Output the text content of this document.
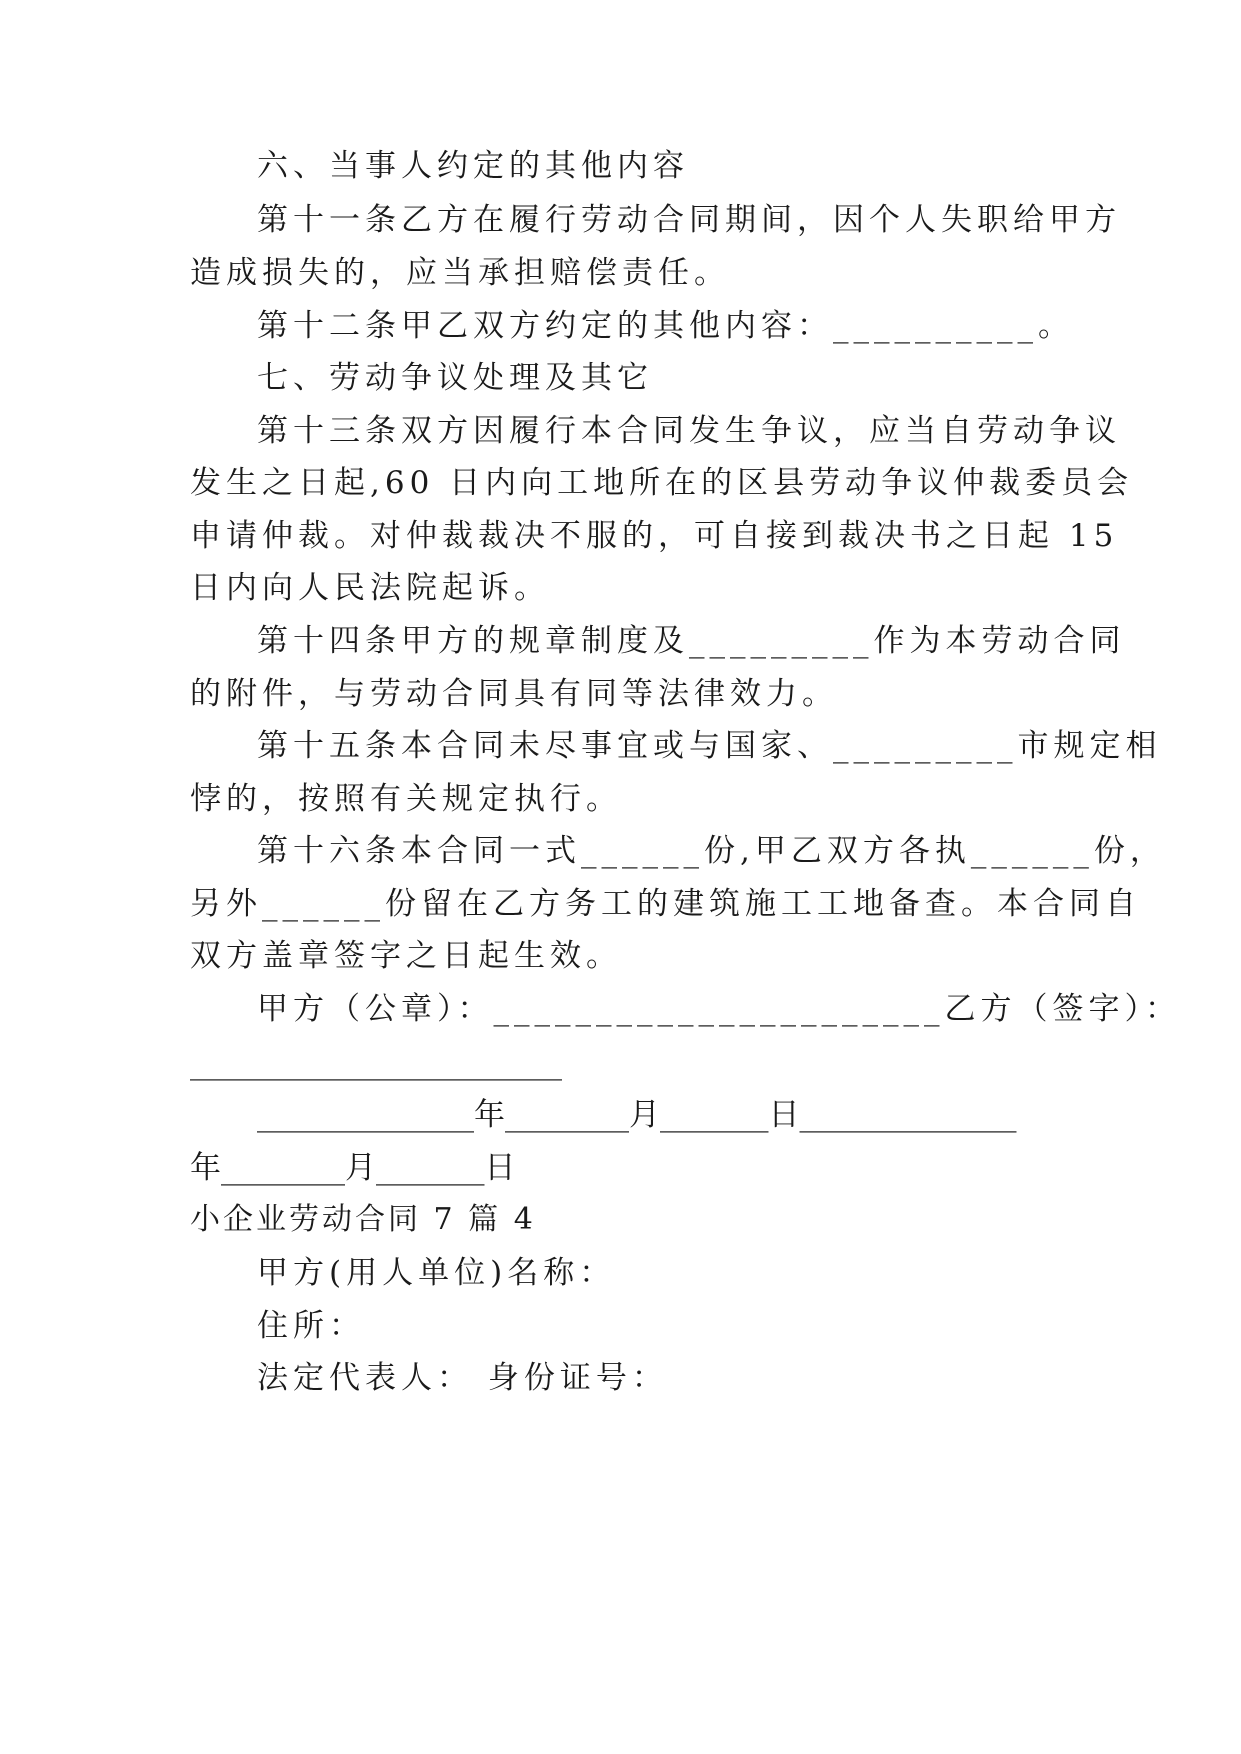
六、当事人约定的其他内容
第十一条乙方在履行劳动合同期间，因个人失职给甲方
造成损失的，应当承担赔偿责任。
第十二条甲乙双方约定的其他内容：__________。
七、劳动争议处理及其它
第十三条双方因履行本合同发生争议，应当自劳动争议
发生之日起,60 日内向工地所在的区县劳动争议仲裁委员会
申请仲裁。对仲裁裁决不服的，可自接到裁决书之日起 15
日内向人民法院起诉。
第十四条甲方的规章制度及_________作为本劳动合同
的附件，与劳动合同具有同等法律效力。
第十五条本合同未尽事宜或与国家、_________市规定相
悖的，按照有关规定执行。
第十六条本合同一式______份,甲乙双方各执______份，
另外______份留在乙方务工的建筑施工工地备查。本合同自
双方盖章签字之日起生效。
甲方（公章）：______________________乙方（签字）：
________________________
______________年________月_______日______________
年________月_______日
小企业劳动合同 7 篇 4
甲方(用人单位)名称：
住所：
法定代表人： 身份证号：
